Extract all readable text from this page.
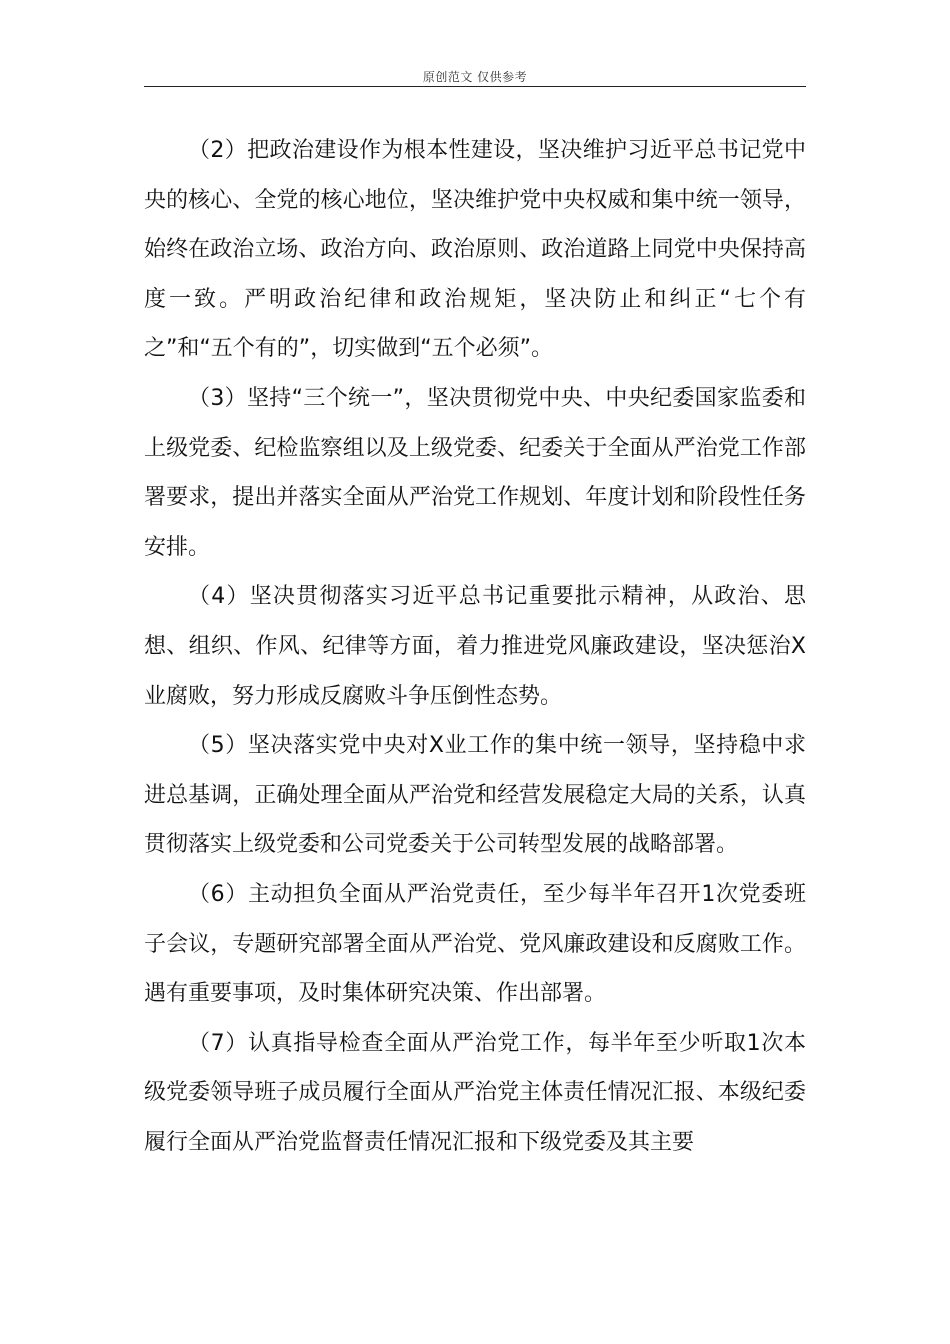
原创范文 仅供参考

（2）把政治建设作为根本性建设，坚决维护习近平总书记党中央的核心、全党的核心地位，坚决维护党中央权威和集中统一领导，始终在政治立场、政治方向、政治原则、政治道路上同党中央保持高度一致。严明政治纪律和政治规矩，坚决防止和纠正“七个有之”和“五个有的”，切实做到“五个必须”。

（3）坚持“三个统一”，坚决贯彻党中央、中央纪委国家监委和上级党委、纪检监察组以及上级党委、纪委关于全面从严治党工作部署要求，提出并落实全面从严治党工作规划、年度计划和阶段性任务安排。

（4）坚决贯彻落实习近平总书记重要批示精神，从政治、思想、组织、作风、纪律等方面，着力推进党风廉政建设，坚决惩治X业腐败，努力形成反腐败斗争压倒性态势。

（5）坚决落实党中央对X业工作的集中统一领导，坚持稳中求进总基调，正确处理全面从严治党和经营发展稳定大局的关系，认真贯彻落实上级党委和公司党委关于公司转型发展的战略部署。

（6）主动担负全面从严治党责任，至少每半年召开1次党委班子会议，专题研究部署全面从严治党、党风廉政建设和反腐败工作。遇有重要事项，及时集体研究决策、作出部署。

（7）认真指导检查全面从严治党工作，每半年至少听取1次本级党委领导班子成员履行全面从严治党主体责任情况汇报、本级纪委履行全面从严治党监督责任情况汇报和下级党委及其主要
